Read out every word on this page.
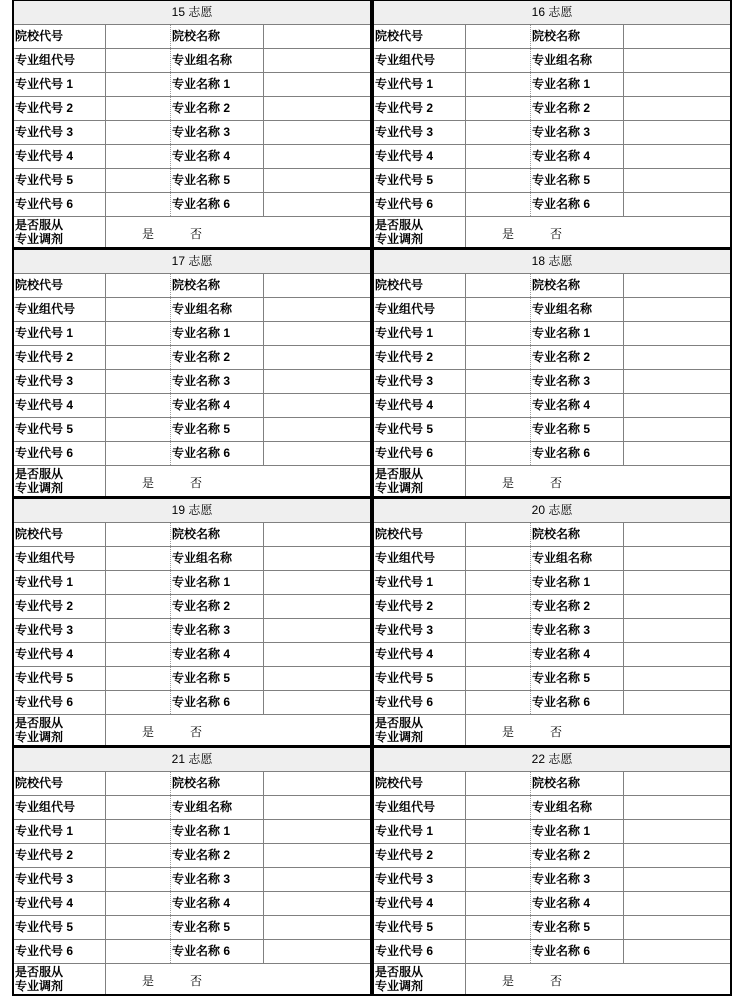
15 志愿
院校代号	院校名称
专业组代号	专业组名称
专业代号 1	专业名称 1
专业代号 2	专业名称 2
专业代号 3	专业名称 3
专业代号 4	专业名称 4
专业代号 5	专业名称 5
专业代号 6	专业名称 6
是否服从
专业调剂	是	否
16 志愿
院校代号	院校名称
专业组代号	专业组名称
专业代号 1	专业名称 1
专业代号 2	专业名称 2
专业代号 3	专业名称 3
专业代号 4	专业名称 4
专业代号 5	专业名称 5
专业代号 6	专业名称 6
是否服从
专业调剂	是	否
17 志愿
院校代号	院校名称
专业组代号	专业组名称
专业代号 1	专业名称 1
专业代号 2	专业名称 2
专业代号 3	专业名称 3
专业代号 4	专业名称 4
专业代号 5	专业名称 5
专业代号 6	专业名称 6
是否服从
专业调剂	是	否
18 志愿
院校代号	院校名称
专业组代号	专业组名称
专业代号 1	专业名称 1
专业代号 2	专业名称 2
专业代号 3	专业名称 3
专业代号 4	专业名称 4
专业代号 5	专业名称 5
专业代号 6	专业名称 6
是否服从
专业调剂	是	否
19 志愿
院校代号	院校名称
专业组代号	专业组名称
专业代号 1	专业名称 1
专业代号 2	专业名称 2
专业代号 3	专业名称 3
专业代号 4	专业名称 4
专业代号 5	专业名称 5
专业代号 6	专业名称 6
是否服从
专业调剂	是	否
20 志愿
院校代号	院校名称
专业组代号	专业组名称
专业代号 1	专业名称 1
专业代号 2	专业名称 2
专业代号 3	专业名称 3
专业代号 4	专业名称 4
专业代号 5	专业名称 5
专业代号 6	专业名称 6
是否服从
专业调剂	是	否
21 志愿
院校代号	院校名称
专业组代号	专业组名称
专业代号 1	专业名称 1
专业代号 2	专业名称 2
专业代号 3	专业名称 3
专业代号 4	专业名称 4
专业代号 5	专业名称 5
专业代号 6	专业名称 6
是否服从
专业调剂	是	否
22 志愿
院校代号	院校名称
专业组代号	专业组名称
专业代号 1	专业名称 1
专业代号 2	专业名称 2
专业代号 3	专业名称 3
专业代号 4	专业名称 4
专业代号 5	专业名称 5
专业代号 6	专业名称 6
是否服从
专业调剂	是	否
